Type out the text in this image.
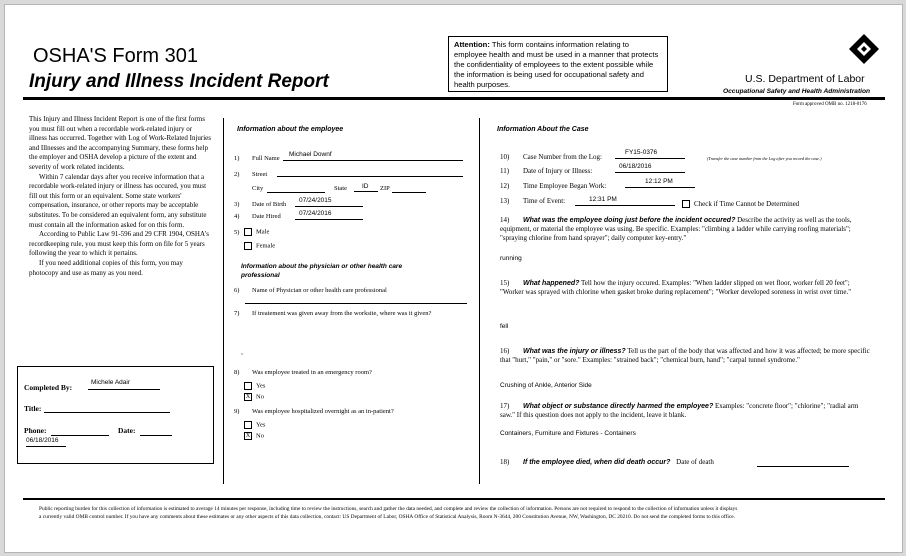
OSHA'S Form 301
Injury and Illness Incident Report
Attention: This form contains information relating to employee health and must be used in a manner that protects the confidentiality of employees to the extent possible while the information is being used for occupational safety and health purposes.	U.S. Department of Labor
Occupational Safety and Health Administration
Form approved OMB no. 1218-0176
This Injury and Illness Incident Report is one of the first forms you must fill out when a recordable work-related injury or illness has occurred. Together with Log of Work-Related Injuries and Illnesses and the accompanying Summary, these forms help the employer and OSHA develop a picture of the extent and severity of work related incidents.
Within 7 calendar days after you receive information that a recordable work-related injury or illness has occured, you must fill out this form or an equivalent. Some state workers' compensation, insurance, or other reports may be acceptable substitutes. To be considered an equivalent form, any substitute must contain all the information asked for on this form.
According to Public Law 91-596 and 29 CFR 1904, OSHA's recordkeeping rule, you must keep this form on file for 5 years following the year to which it pertains.
If you need additional copies of this form, you may photocopy and use as many as you need.
Completed By:
Michele Adair
Title:
Phone:	Date:
06/18/2016
Information about the employee
1) Full Name
Michael Downf
2) Street
City	State	ID	ZIP
3) Date of Birth
07/24/2015
4) Date Hired	07/24/2016
5)	Male
Female
Information about the physician or other health care professional
6) Name of Physician or other health care professional
7) If treatement was given away from the worksite, where was it given?
,,
8) Was employee treated in an emergency room?
Yes
X No
9) Was employee hospitalized overnight as an in-patient?
Yes
X No
Information About the Case
10) Case Number from the Log:
FY15-0376
(Transfer the case number from the Log after you record the case.)
11) Date of Injury or Illness:
06/18/2016
12) Time Employee Began Work:
12:12 PM
13) Time of Event:	12:31 PM
Check if Time Cannot be Determined
14) What was the employee doing just before the incident occured? Describe the activity as well as the tools, equipment, or material the employee was using. Be specific. Examples: "climbing a ladder while carrying roofing materials"; "spraying chlorine from hand sprayer"; daily computer key-entry."
running
15) What happened? Tell how the injury occured. Examples: "When ladder slipped on wet floor, worker fell 20 feet"; "Worker was sprayed with chlorine when gasket broke during replacement"; "Worker developed soreness in wrist over time."
fell
16) What was the injury or illness? Tell us the part of the body that was affected and how it was affected; be more specific that "hurt," "pain," or "sore." Examples: "strained back"; "chemical burn, hand"; "carpal tunnel syndrome."
Crushing of Ankle, Anterior Side
17) What object or substance directly harmed the employee? Examples: "concrete floor"; "chlorine"; "radial arm saw." If this question does not apply to the incident, leave it blank.
Containers, Furniture and Fixtures - Containers
18) If the employee died, when did death occur? Date of death
Public reporting burden for this collection of information is estimated to average 14 minutes per response, including time to review the instructions, search and gather the data needed, and complete and review the collection of information. Persons are not required to respond to the collection of information unless it displays a currently valid OMB control number. If you have any comments about these estimates or any other aspects of this data collection, contact: US Department of Labor, OSHA Office of Statistical Analysis, Room N-3644, 200 Constitution Avenue, NW, Washington, DC 20210. Do not send the completed forms to this office.
